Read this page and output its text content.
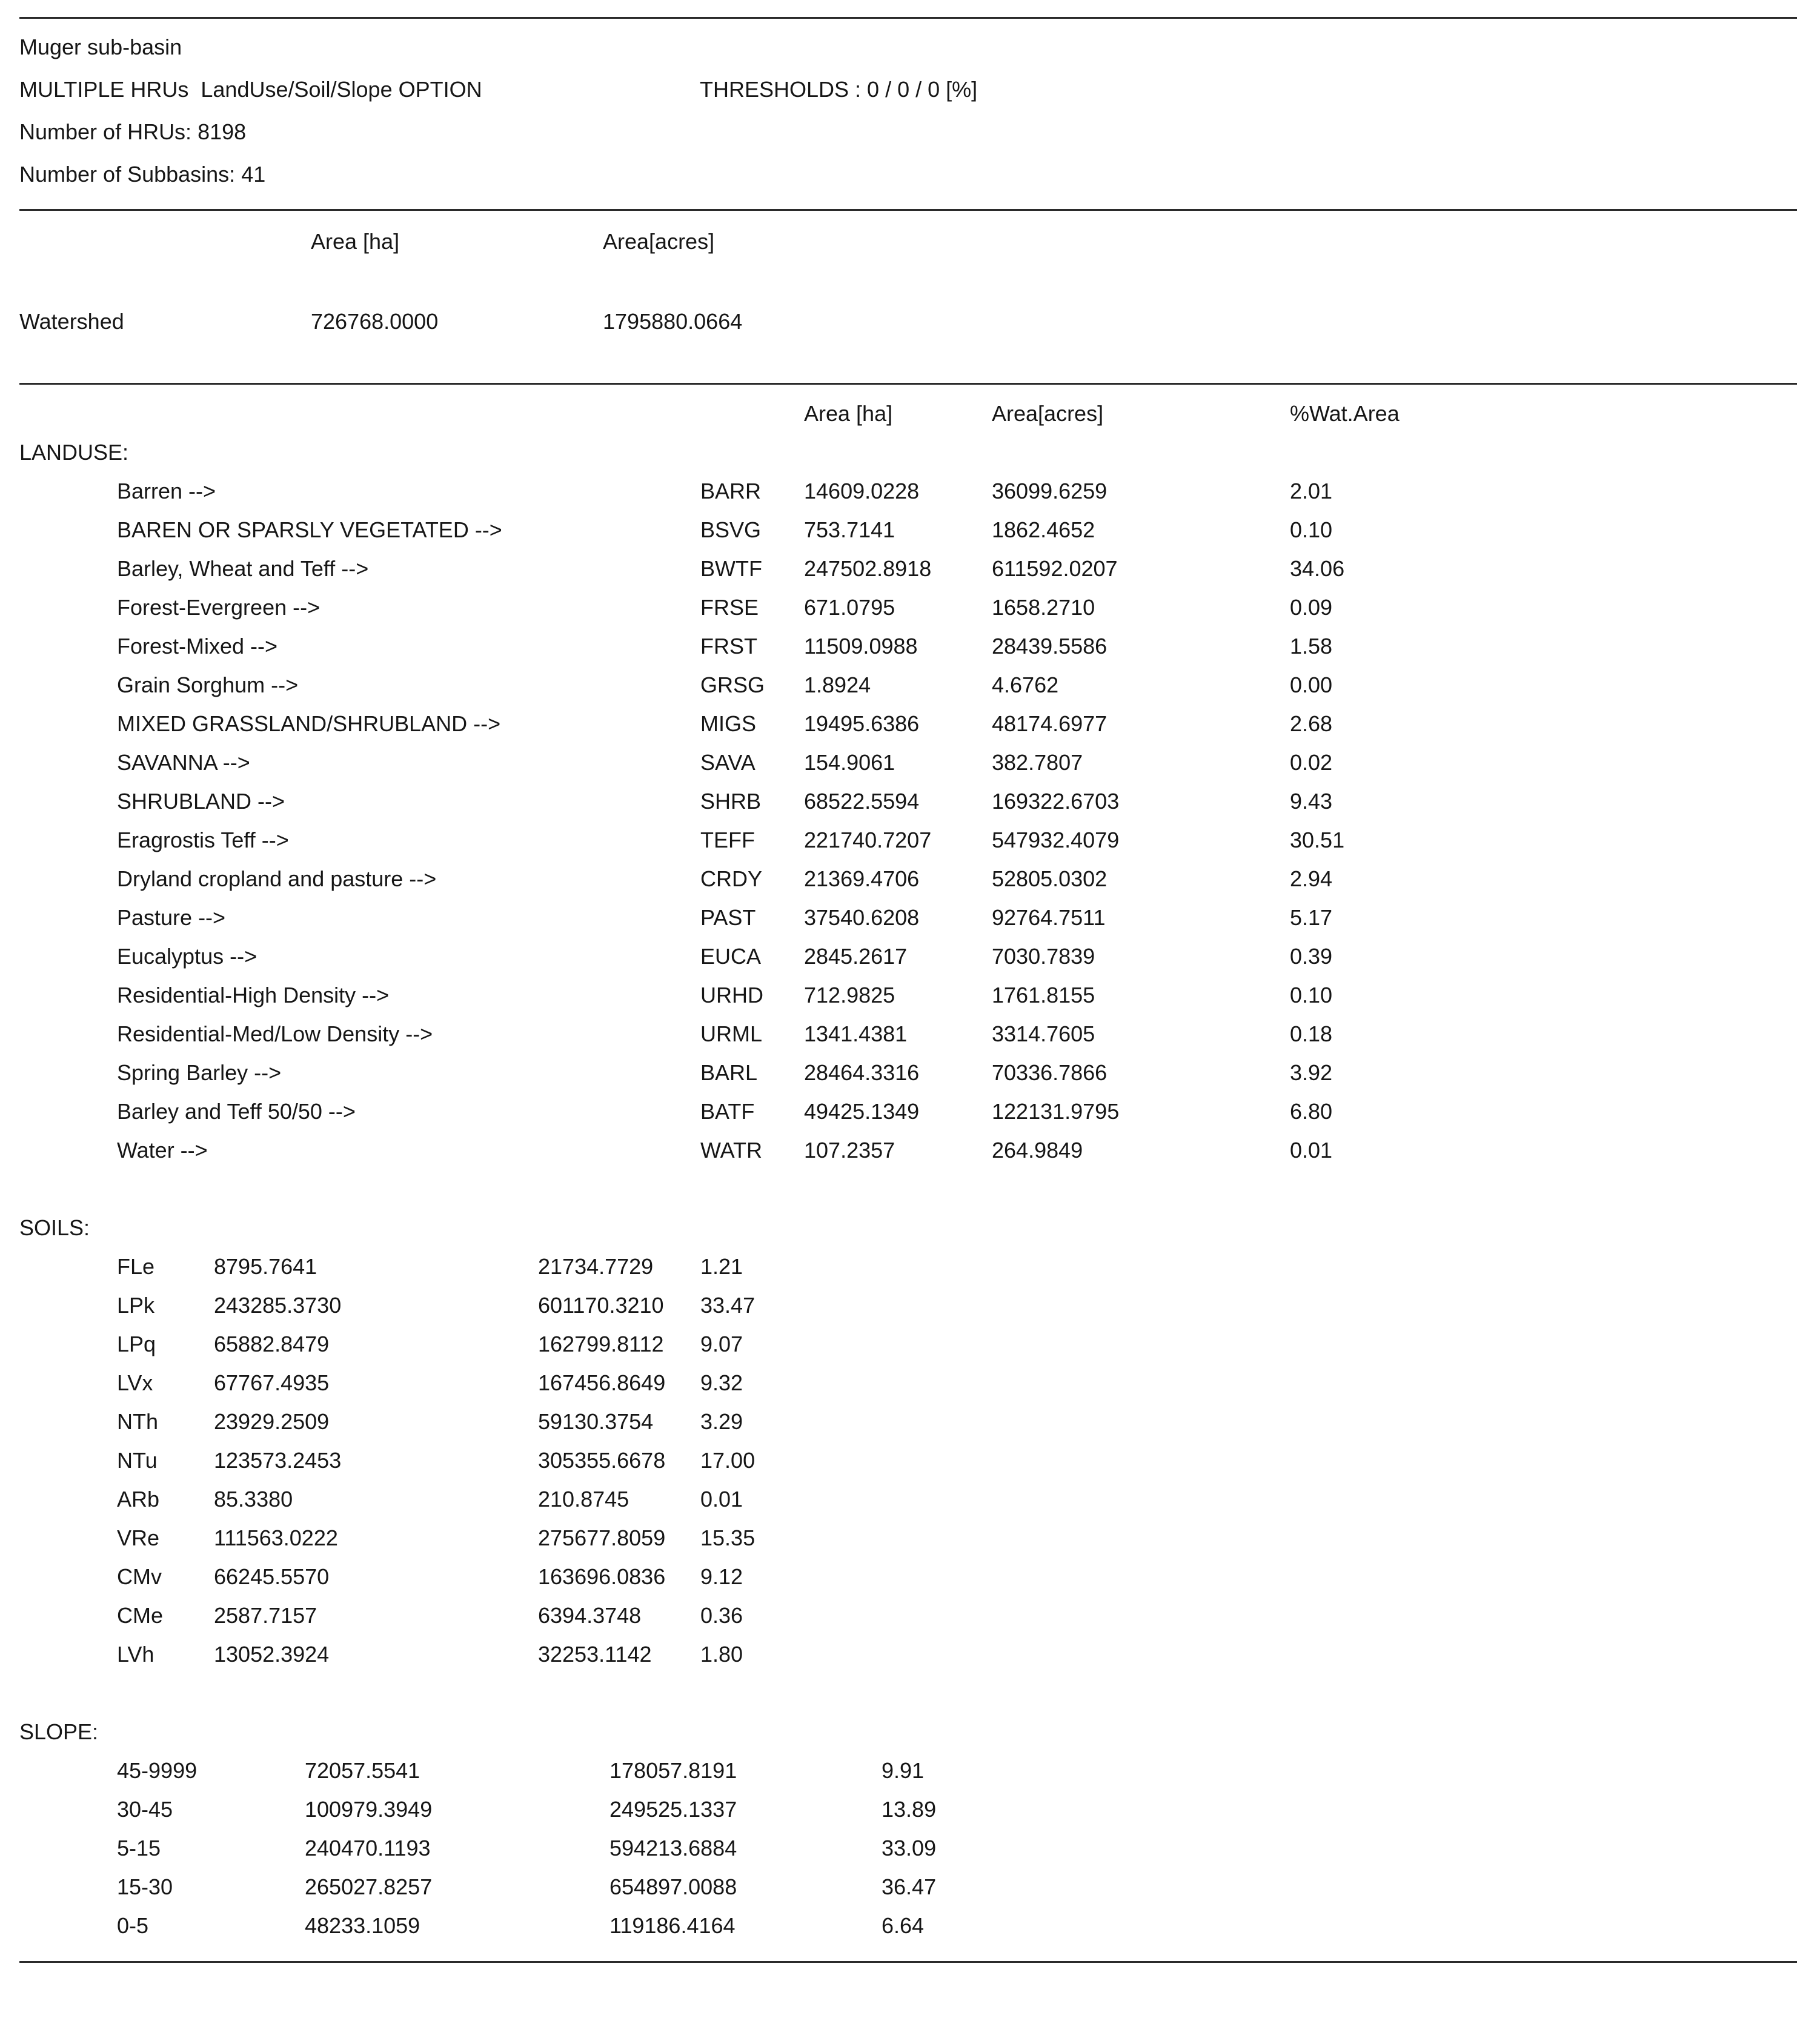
Muger sub-basin
MULTIPLE HRUs  LandUse/Soil/Slope OPTION	THRESHOLDS : 0 / 0 / 0 [%]
Number of HRUs: 8198
Number of Subbasins: 41
Area [ha]	Area[acres]
Watershed	726768.0000	1795880.0664
Area [ha]	Area[acres]	%Wat.Area
LANDUSE:
Barren -->	BARR	14609.0228	36099.6259	2.01
BAREN OR SPARSLY VEGETATED -->	BSVG	753.7141	1862.4652	0.10
Barley, Wheat and Teff -->	BWTF	247502.8918	611592.0207	34.06
Forest-Evergreen -->	FRSE	671.0795	1658.2710	0.09
Forest-Mixed -->	FRST	11509.0988	28439.5586	1.58
Grain Sorghum -->	GRSG	1.8924	4.6762	0.00
MIXED GRASSLAND/SHRUBLAND -->	MIGS	19495.6386	48174.6977	2.68
SAVANNA -->	SAVA	154.9061	382.7807	0.02
SHRUBLAND -->	SHRB	68522.5594	169322.6703	9.43
Eragrostis Teff -->	TEFF	221740.7207	547932.4079	30.51
Dryland cropland and pasture -->	CRDY	21369.4706	52805.0302	2.94
Pasture -->	PAST	37540.6208	92764.7511	5.17
Eucalyptus -->	EUCA	2845.2617	7030.7839	0.39
Residential-High Density -->	URHD	712.9825	1761.8155	0.10
Residential-Med/Low Density -->	URML	1341.4381	3314.7605	0.18
Spring Barley -->	BARL	28464.3316	70336.7866	3.92
Barley and Teff 50/50 -->	BATF	49425.1349	122131.9795	6.80
Water -->	WATR	107.2357	264.9849	0.01
SOILS:
FLe	8795.7641	21734.7729	1.21
LPk	243285.3730	601170.3210	33.47
LPq	65882.8479	162799.8112	9.07
LVx	67767.4935	167456.8649	9.32
NTh	23929.2509	59130.3754	3.29
NTu	123573.2453	305355.6678	17.00
ARb	85.3380	210.8745	0.01
VRe	111563.0222	275677.8059	15.35
CMv	66245.5570	163696.0836	9.12
CMe	2587.7157	6394.3748	0.36
LVh	13052.3924	32253.1142	1.80
SLOPE:
45-9999	72057.5541	178057.8191	9.91
30-45	100979.3949	249525.1337	13.89
5-15	240470.1193	594213.6884	33.09
15-30	265027.8257	654897.0088	36.47
0-5	48233.1059	119186.4164	6.64
